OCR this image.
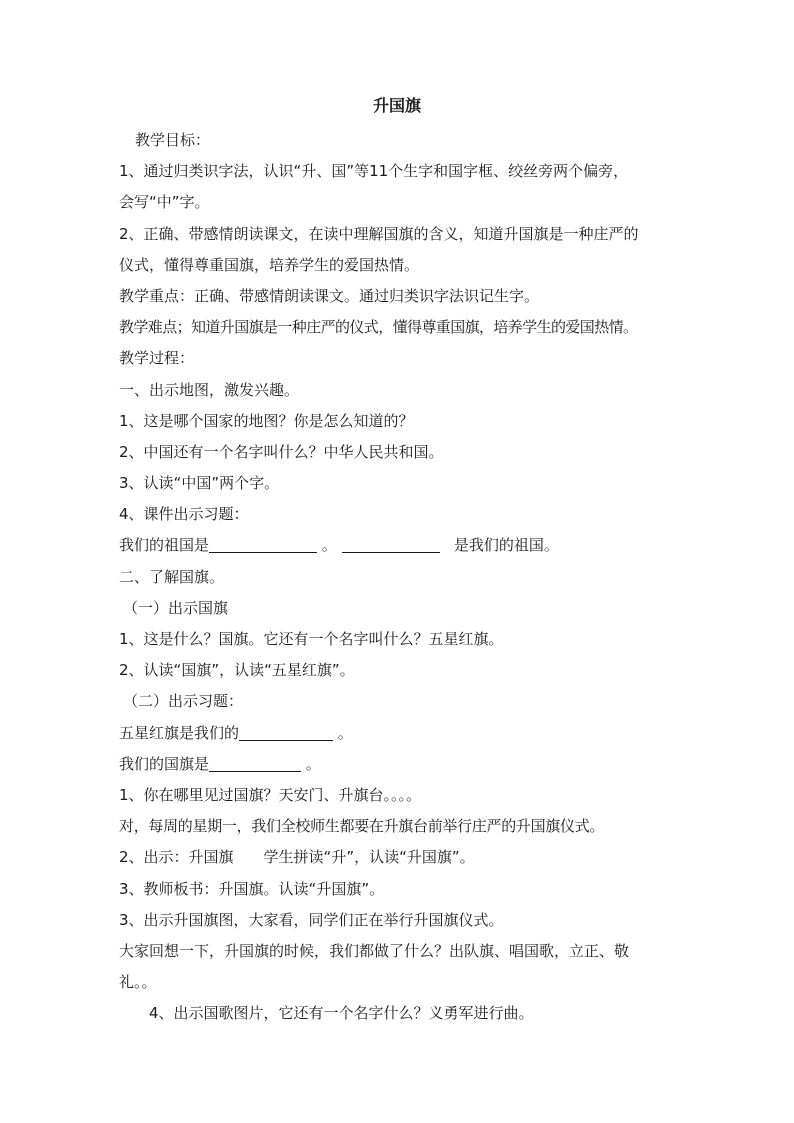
升国旗
教学目标：
1、通过归类识字法，认识“升、国”等11个生字和国字框、绞丝旁两个偏旁，
会写“中”字。
2、正确、带感情朗读课文，在读中理解国旗的含义，知道升国旗是一种庄严的
仪式，懂得尊重国旗，培养学生的爱国热情。
教学重点：正确、带感情朗读课文。通过归类识字法识记生字。
教学难点；知道升国旗是一种庄严的仪式，懂得尊重国旗，培养学生的爱国热情。
教学过程：
一、出示地图，激发兴趣。
1、这是哪个国家的地图？你是怎么知道的？
2、中国还有一个名字叫什么？中华人民共和国。
3、认读“中国”两个字。
4、课件出示习题：
我们的祖国是	。	是我们的祖国。
二、了解国旗。
（一）出示国旗
1、这是什么？国旗。它还有一个名字叫什么？五星红旗。
2、认读“国旗”，认读“五星红旗”。
（二）出示习题：
五星红旗是我们的	。
我们的国旗是	。
1、你在哪里见过国旗？天安门、升旗台。。。。
对，每周的星期一，我们全校师生都要在升旗台前举行庄严的升国旗仪式。
2、出示：升国旗　　学生拼读“升”，认读“升国旗”。
3、教师板书：升国旗。认读“升国旗”。
3、出示升国旗图，大家看，同学们正在举行升国旗仪式。
大家回想一下，升国旗的时候，我们都做了什么？出队旗、唱国歌，立正、敬
礼。。
4、出示国歌图片，它还有一个名字什么？义勇军进行曲。
